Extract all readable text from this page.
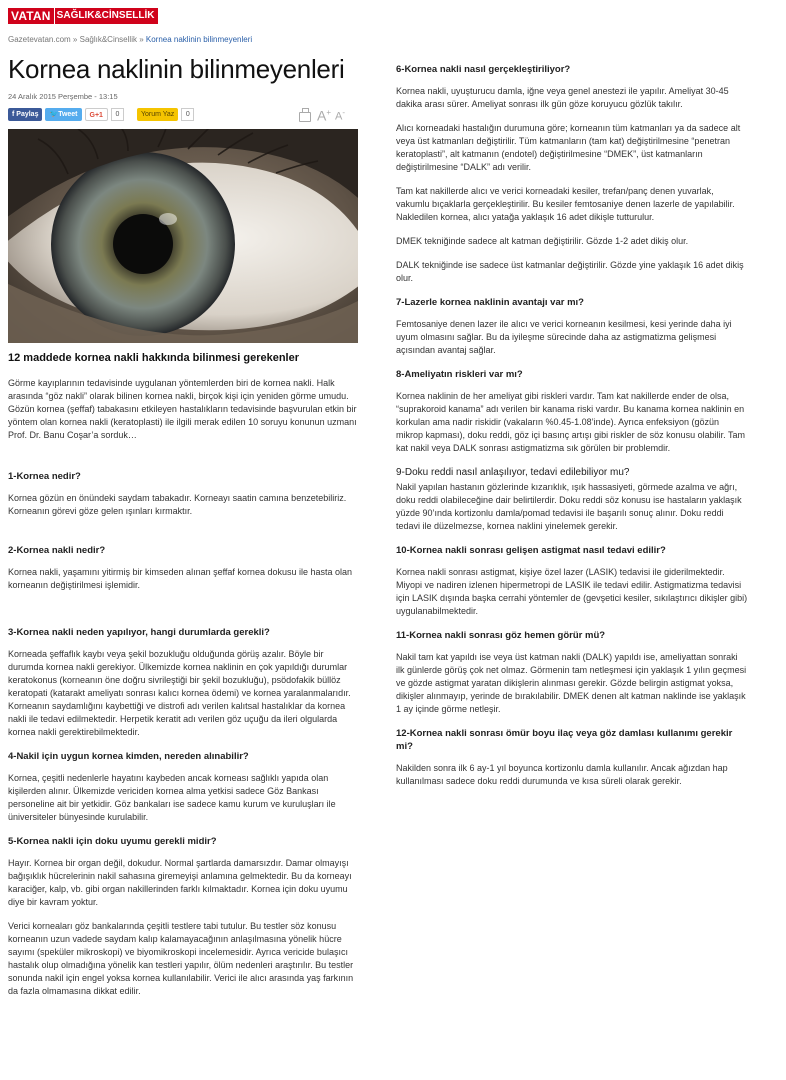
VATAN SAĞLIK&CİNSELLİK
Gazetevatan.com » Sağlık&Cinsellik » Kornea naklinin bilinmeyenleri
Kornea naklinin bilinmeyenleri
24 Aralık 2015 Perşembe - 13:15
f Paylaş	🐦Tweet	G+1	0	Yorum Yaz	0	A+ A-
12 maddede kornea nakli hakkında bilinmesi gerekenler

Görme kayıplarının tedavisinde uygulanan yöntemlerden biri de kornea nakli. Halk arasında “göz nakli” olarak bilinen kornea nakli, birçok kişi için yeniden görme umudu. Gözün kornea (şeffaf) tabakasını etkileyen hastalıkların tedavisinde başvurulan etkin bir yöntem olan kornea nakli (keratoplasti) ile ilgili merak edilen 10 soruyu konunun uzmanı Prof. Dr. Banu Coşar’a sorduk…

1-Kornea nedir?

Kornea gözün en önündeki saydam tabakadır. Korneayı saatin camına benzetebiliriz. Korneanın görevi göze gelen ışınları kırmaktır.

2-Kornea nakli nedir?

Kornea nakli, yaşamını yitirmiş bir kimseden alınan şeffaf kornea dokusu ile hasta olan korneanın değiştirilmesi işlemidir.

3-Kornea nakli neden yapılıyor, hangi durumlarda gerekli?

Korneada şeffaflık kaybı veya şekil bozukluğu olduğunda görüş azalır. Böyle bir durumda kornea nakli gerekiyor. Ülkemizde kornea naklinin en çok yapıldığı durumlar keratokonus (korneanın öne doğru sivrileştiği bir şekil bozukluğu), psödofakik büllöz keratopati (katarakt ameliyatı sonrası kalıcı kornea ödemi) ve kornea yaralanmalarıdır. Korneanın saydamlığını kaybettiği ve distrofi adı verilen kalıtsal hastalıklar da kornea nakli ile tedavi edilmektedir. Herpetik keratit adı verilen göz uçuğu da ileri olgularda kornea nakli gerektirebilmektedir.

4-Nakil için uygun kornea kimden, nereden alınabilir?

Kornea, çeşitli nedenlerle hayatını kaybeden ancak korneası sağlıklı yapıda olan kişilerden alınır. Ülkemizde vericiden kornea alma yetkisi sadece Göz Bankası personeline ait bir yetkidir. Göz bankaları ise sadece kamu kurum ve kuruluşları ile üniversiteler bünyesinde kurulabilir.

5-Kornea nakli için doku uyumu gerekli midir?

Hayır. Kornea bir organ değil, dokudur. Normal şartlarda damarsızdır. Damar olmayışı bağışıklık hücrelerinin nakil sahasına giremeyişi anlamına gelmektedir. Bu da korneayı karaciğer, kalp, vb. gibi organ nakillerinden farklı kılmaktadır. Kornea için doku uyumu diye bir kavram yoktur.

Verici korneaları göz bankalarında çeşitli testlere tabi tutulur. Bu testler söz konusu korneanın uzun vadede saydam kalıp kalamayacağının anlaşılmasına yönelik hücre sayımı (speküler mikroskopi) ve biyomikroskopi incelemesidir. Ayrıca vericide bulaşıcı hastalık olup olmadığına yönelik kan testleri yapılır, ölüm nedenleri araştırılır. Bu testler sonunda nakil için engel yoksa kornea kullanılabilir. Verici ile alıcı arasında yaş farkının da fazla olmamasına dikkat edilir.

6-Kornea nakli nasıl gerçekleştiriliyor?

Kornea nakli, uyuşturucu damla, iğne veya genel anestezi ile yapılır. Ameliyat 30-45 dakika arası sürer. Ameliyat sonrası ilk gün göze koruyucu gözlük takılır.

Alıcı korneadaki hastalığın durumuna göre; korneanın tüm katmanları ya da sadece alt veya üst katmanları değiştirilir. Tüm katmanların (tam kat) değiştirilmesine “penetran keratoplasti”, alt katmanın (endotel) değiştirilmesine “DMEK”, üst katmanların değiştirilmesine “DALK” adı verilir.

Tam kat nakillerde alıcı ve verici korneadaki kesiler, trefan/panç denen yuvarlak, vakumlu bıçaklarla gerçekleştirilir. Bu kesiler femtosaniye denen lazerle de yapılabilir. Nakledilen kornea, alıcı yatağa yaklaşık 16 adet dikişle tutturulur.

DMEK tekniğinde sadece alt katman değiştirilir. Gözde 1-2 adet dikiş olur.

DALK tekniğinde ise sadece üst katmanlar değiştirilir. Gözde yine yaklaşık 16 adet dikiş olur.

7-Lazerle kornea naklinin avantajı var mı?

Femtosaniye denen lazer ile alıcı ve verici korneanın kesilmesi, kesi yerinde daha iyi uyum olmasını sağlar. Bu da iyileşme sürecinde daha az astigmatizma gelişmesi açısından avantaj sağlar.

8-Ameliyatın riskleri var mı?

Kornea naklinin de her ameliyat gibi riskleri vardır. Tam kat nakillerde ender de olsa, “suprakoroid kanama” adı verilen bir kanama riski vardır. Bu kanama kornea naklinin en korkulan ama nadir riskidir (vakaların %0.45-1.08’inde). Ayrıca enfeksiyon (gözün mikrop kapması), doku reddi, göz içi basınç artışı gibi riskler de söz konusu olabilir. Tam kat nakil veya DALK sonrası astigmatizma sık görülen bir problemdir.

9-Doku reddi nasıl anlaşılıyor, tedavi edilebiliyor mu?

Nakil yapılan hastanın gözlerinde kızarıklık, ışık hassasiyeti, görmede azalma ve ağrı, doku reddi olabileceğine dair belirtilerdir. Doku reddi söz konusu ise hastaların yaklaşık yüzde 90’ında kortizonlu damla/pomad tedavisi ile başarılı sonuç alınır. Doku reddi tedavi ile düzelmezse, kornea naklini yinelemek gerekir.

10-Kornea nakli sonrası gelişen astigmat nasıl tedavi edilir?

Kornea nakli sonrası astigmat, kişiye özel lazer (LASIK) tedavisi ile giderilmektedir. Miyopi ve nadiren izlenen hipermetropi de LASIK ile tedavi edilir. Astigmatizma tedavisi için LASIK dışında başka cerrahi yöntemler de (gevşetici kesiler, sıkılaştırıcı dikişler gibi) uygulanabilmektedir.

11-Kornea nakli sonrası göz hemen görür mü?

Nakil tam kat yapıldı ise veya üst katman nakli (DALK) yapıldı ise, ameliyattan sonraki ilk günlerde görüş çok net olmaz. Görmenin tam netleşmesi için yaklaşık 1 yılın geçmesi ve gözde astigmat yaratan dikişlerin alınması gerekir. Gözde belirgin astigmat yoksa, dikişler alınmayıp, yerinde de bırakılabilir. DMEK denen alt katman naklinde ise yaklaşık 1 ay içinde görme netleşir.

12-Kornea nakli sonrası ömür boyu ilaç veya göz damlası kullanımı gerekir mi?

Nakilden sonra ilk 6 ay-1 yıl boyunca kortizonlu damla kullanılır. Ancak ağızdan hap kullanılması sadece doku reddi durumunda ve kısa süreli olarak gerekir.
